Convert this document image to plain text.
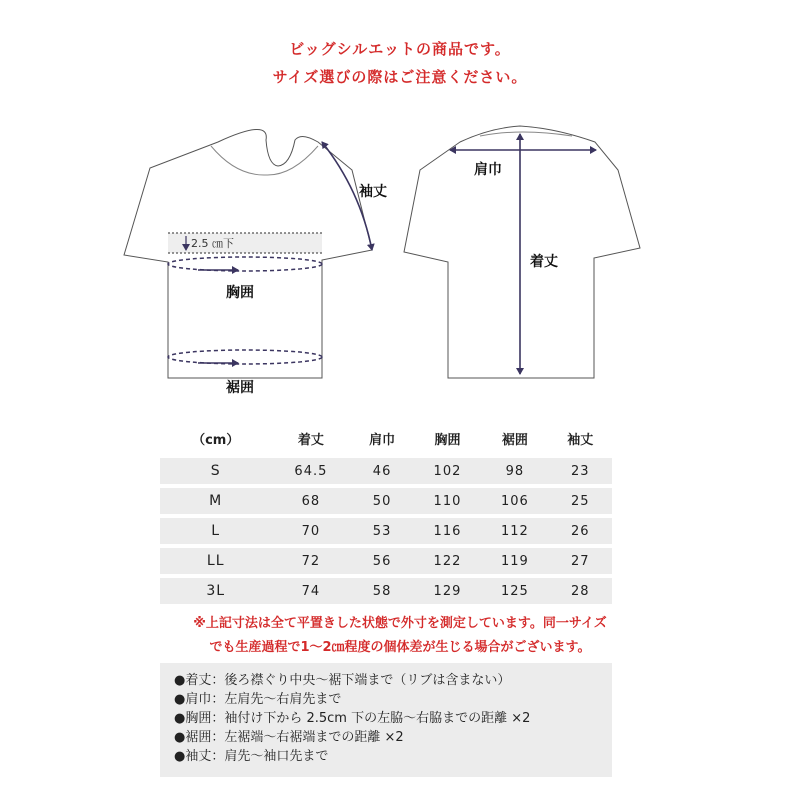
ビッグシルエットの商品です。
サイズ選びの際はご注意ください。
2.5 ㎝下
胸囲
裾囲
袖丈
肩巾
着丈
（cm）	着丈	肩巾	胸囲	裾囲	袖丈
S	64.5	46	102	98	23
M	68	50	110	106	25
L	70	53	116	112	26
LL	72	56	122	119	27
3L	74	58	129	125	28
※上記寸法は全て平置きした状態で外寸を測定しています。同一サイズ
でも生産過程で1～2㎝程度の個体差が生じる場合がございます。
●着丈：後ろ襟ぐり中央～裾下端まで（リブは含まない）
●肩巾：左肩先～右肩先まで
●胸囲：袖付け下から 2.5cm 下の左脇～右脇までの距離 ×2
●裾囲：左裾端～右裾端までの距離 ×2
●袖丈：肩先～袖口先まで
